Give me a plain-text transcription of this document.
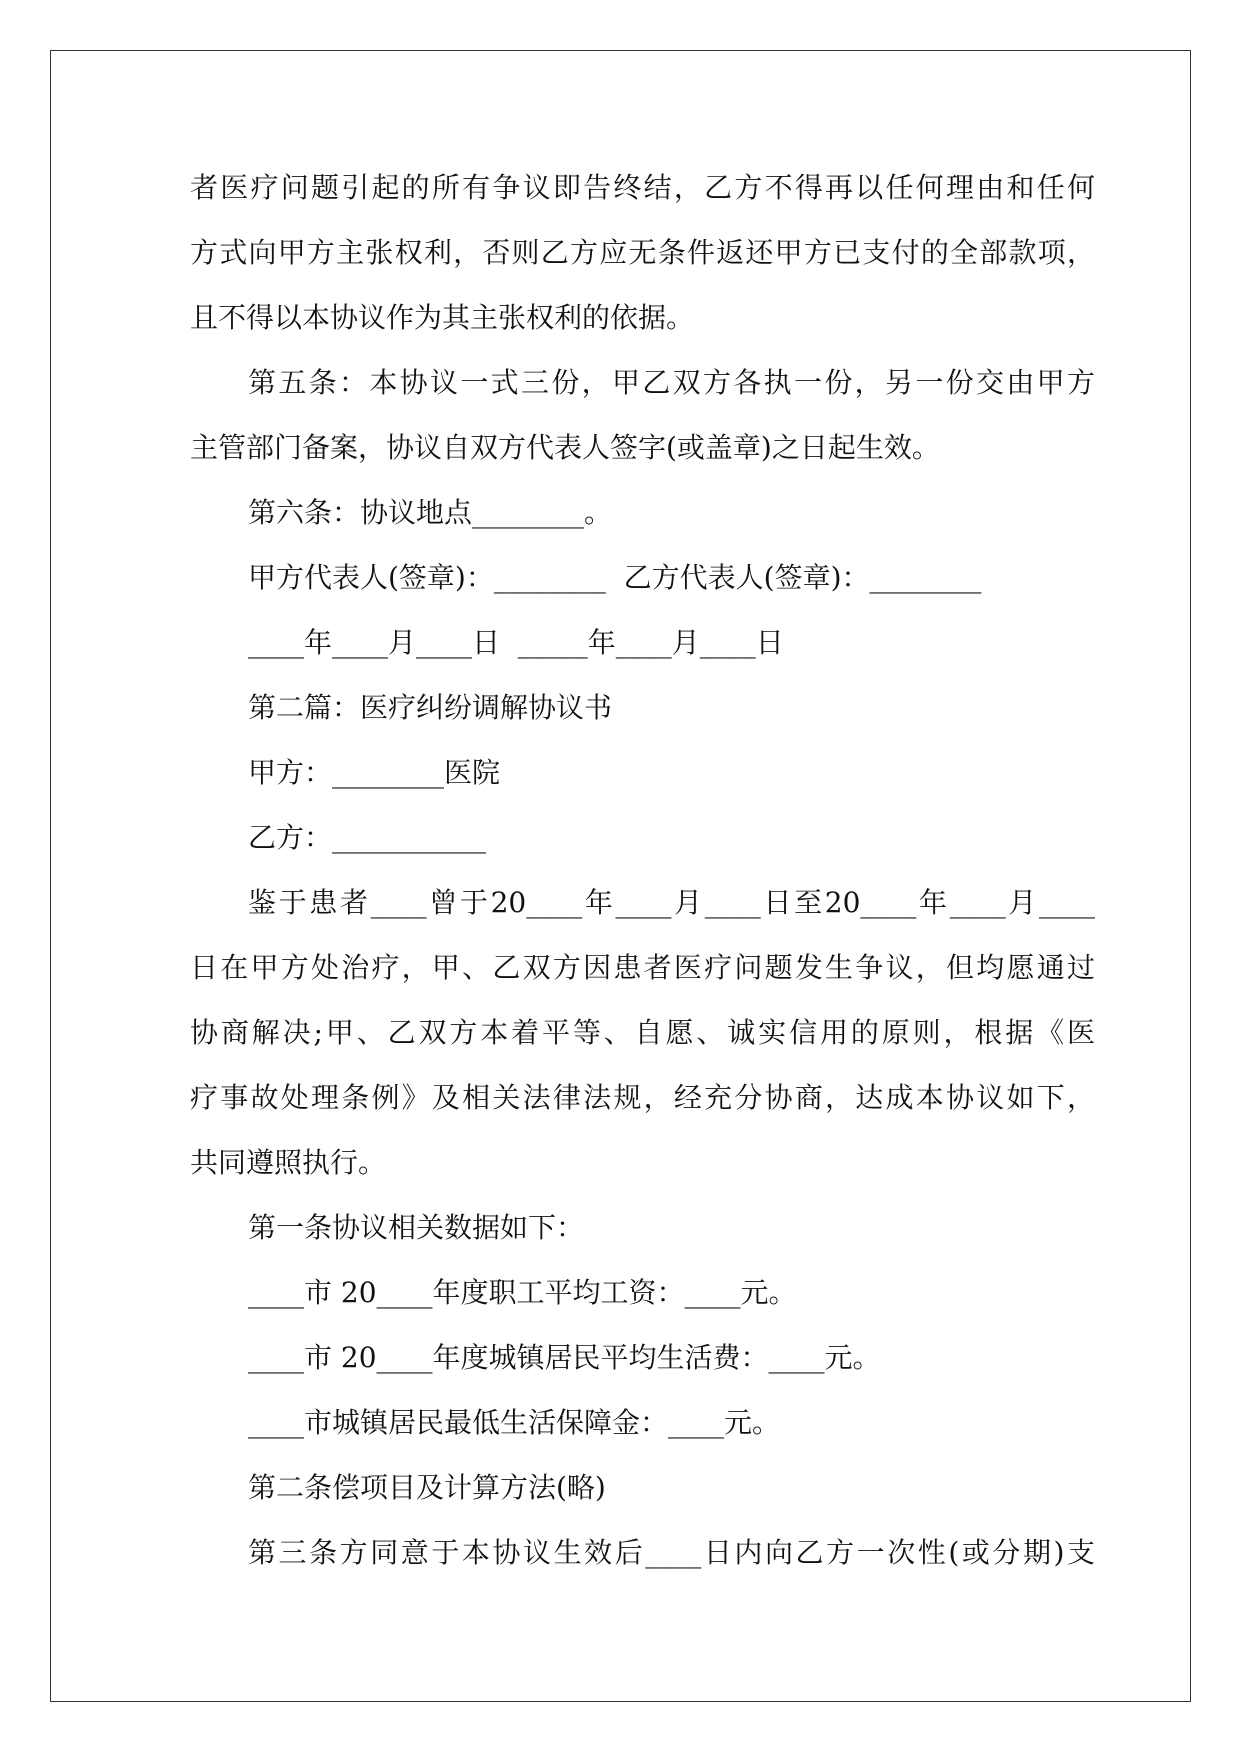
者医疗问题引起的所有争议即告终结，乙方不得再以任何理由和任何
方式向甲方主张权利，否则乙方应无条件返还甲方已支付的全部款项，
且不得以本协议作为其主张权利的依据。
第五条：本协议一式三份，甲乙双方各执一份，另一份交由甲方
主管部门备案，协议自双方代表人签字(或盖章)之日起生效。
第六条：协议地点________。
甲方代表人(签章)：________  乙方代表人(签章)：________
____年____月____日  _____年____月____日
第二篇：医疗纠纷调解协议书
甲方：________医院
乙方：___________
鉴于患者____曾于20____年____月____日至20____年____月____
日在甲方处治疗，甲、乙双方因患者医疗问题发生争议，但均愿通过
协商解决;甲、乙双方本着平等、自愿、诚实信用的原则，根据《医
疗事故处理条例》及相关法律法规，经充分协商，达成本协议如下，
共同遵照执行。
第一条协议相关数据如下：
____市 20____年度职工平均工资：____元。
____市 20____年度城镇居民平均生活费：____元。
____市城镇居民最低生活保障金：____元。
第二条偿项目及计算方法(略)
第三条方同意于本协议生效后____日内向乙方一次性(或分期)支
